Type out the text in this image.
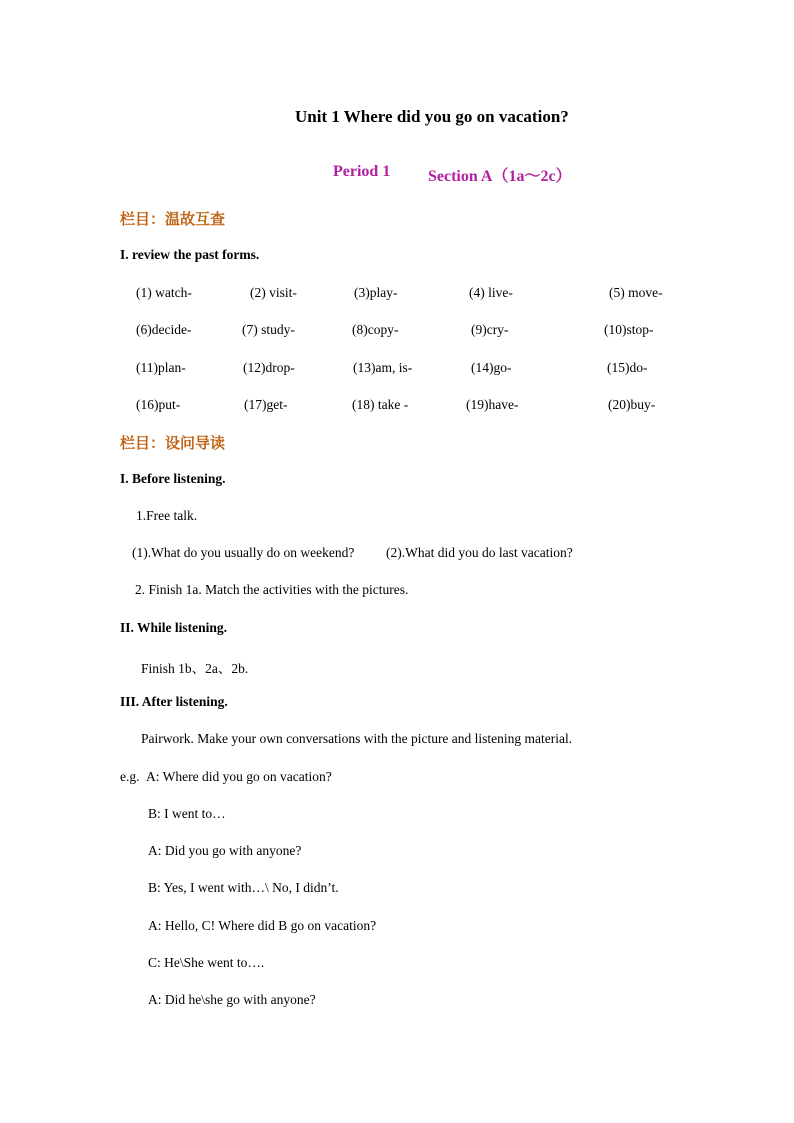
Unit 1 Where did you go on vacation?
Period 1 Section A（1a～2c）
栏目：温故互查
I. review the past forms.
(1) watch-	(2) visit-	(3)play-	(4) live-	(5) move-
(6)decide-	(7) study-	(8)copy-	(9)cry-	(10)stop-
(11)plan-	(12)drop-	(13)am, is-	(14)go-	(15)do-
(16)put-	(17)get-	(18) take -	(19)have-	(20)buy-
栏目：设问导读
I. Before listening.
1.Free talk.
(1).What do you usually do on weekend? (2).What did you do last vacation?
2. Finish 1a. Match the activities with the pictures.
II. While listening.
Finish 1b、2a、2b.
III. After listening.
Pairwork. Make your own conversations with the picture and listening material.
e.g. A: Where did you go on vacation?
B: I went to…
A: Did you go with anyone?
B: Yes, I went with…\ No, I didn’t.
A: Hello, C! Where did B go on vacation?
C: He\She went to….
A: Did he\she go with anyone?
